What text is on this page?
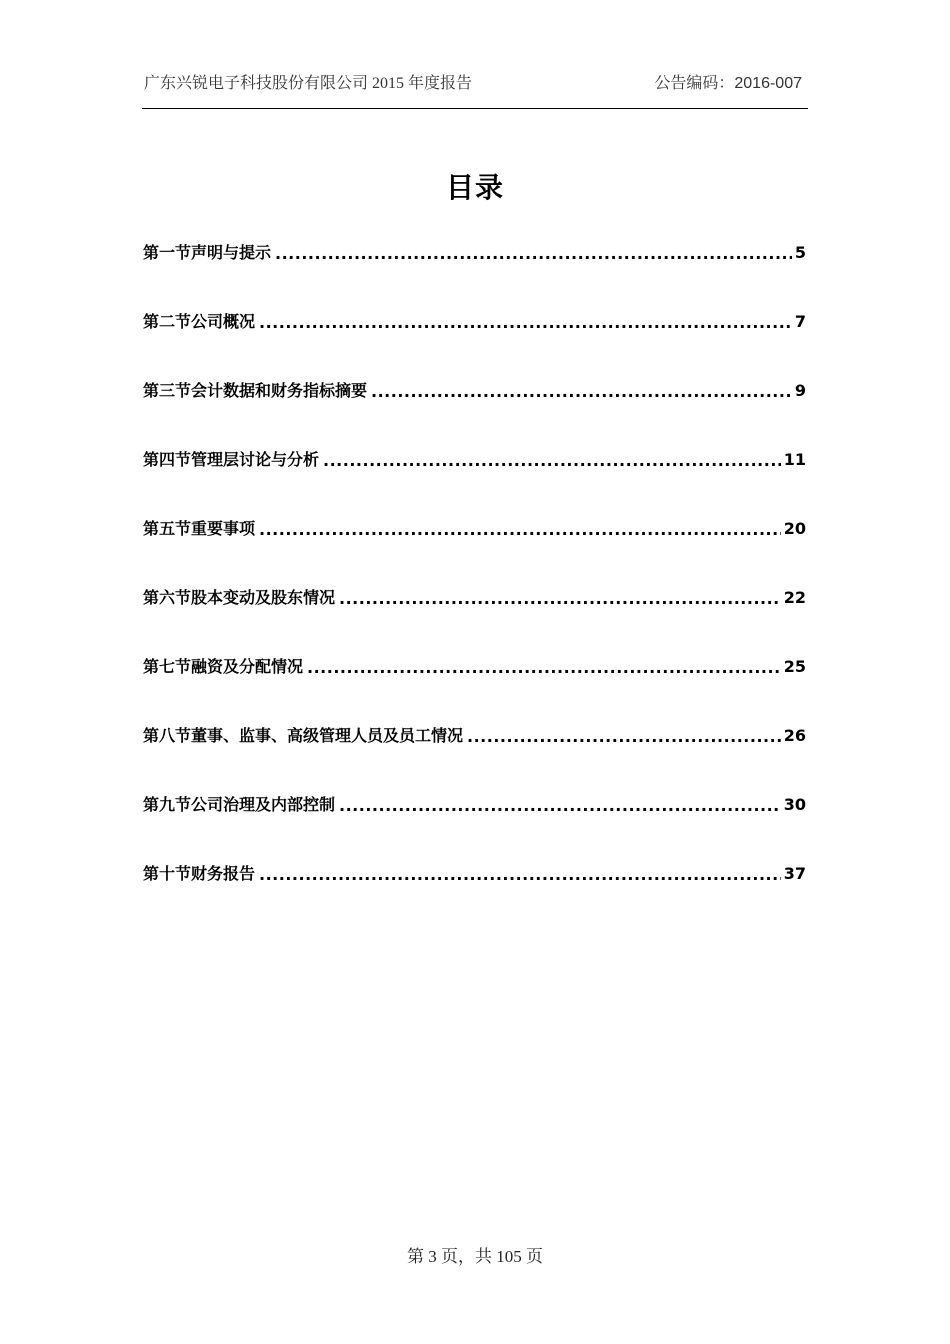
广东兴锐电子科技股份有限公司 2015 年度报告	公告编码：2016-007
目录
第一节声明与提示 .....	5
第二节公司概况 .....	7
第三节会计数据和财务指标摘要 .....	9
第四节管理层讨论与分析 .....	11
第五节重要事项 .....	20
第六节股本变动及股东情况 .....	22
第七节融资及分配情况 .....	25
第八节董事、监事、高级管理人员及员工情况 .....	26
第九节公司治理及内部控制 .....	30
第十节财务报告 .....	37
第 3 页，共 105 页
